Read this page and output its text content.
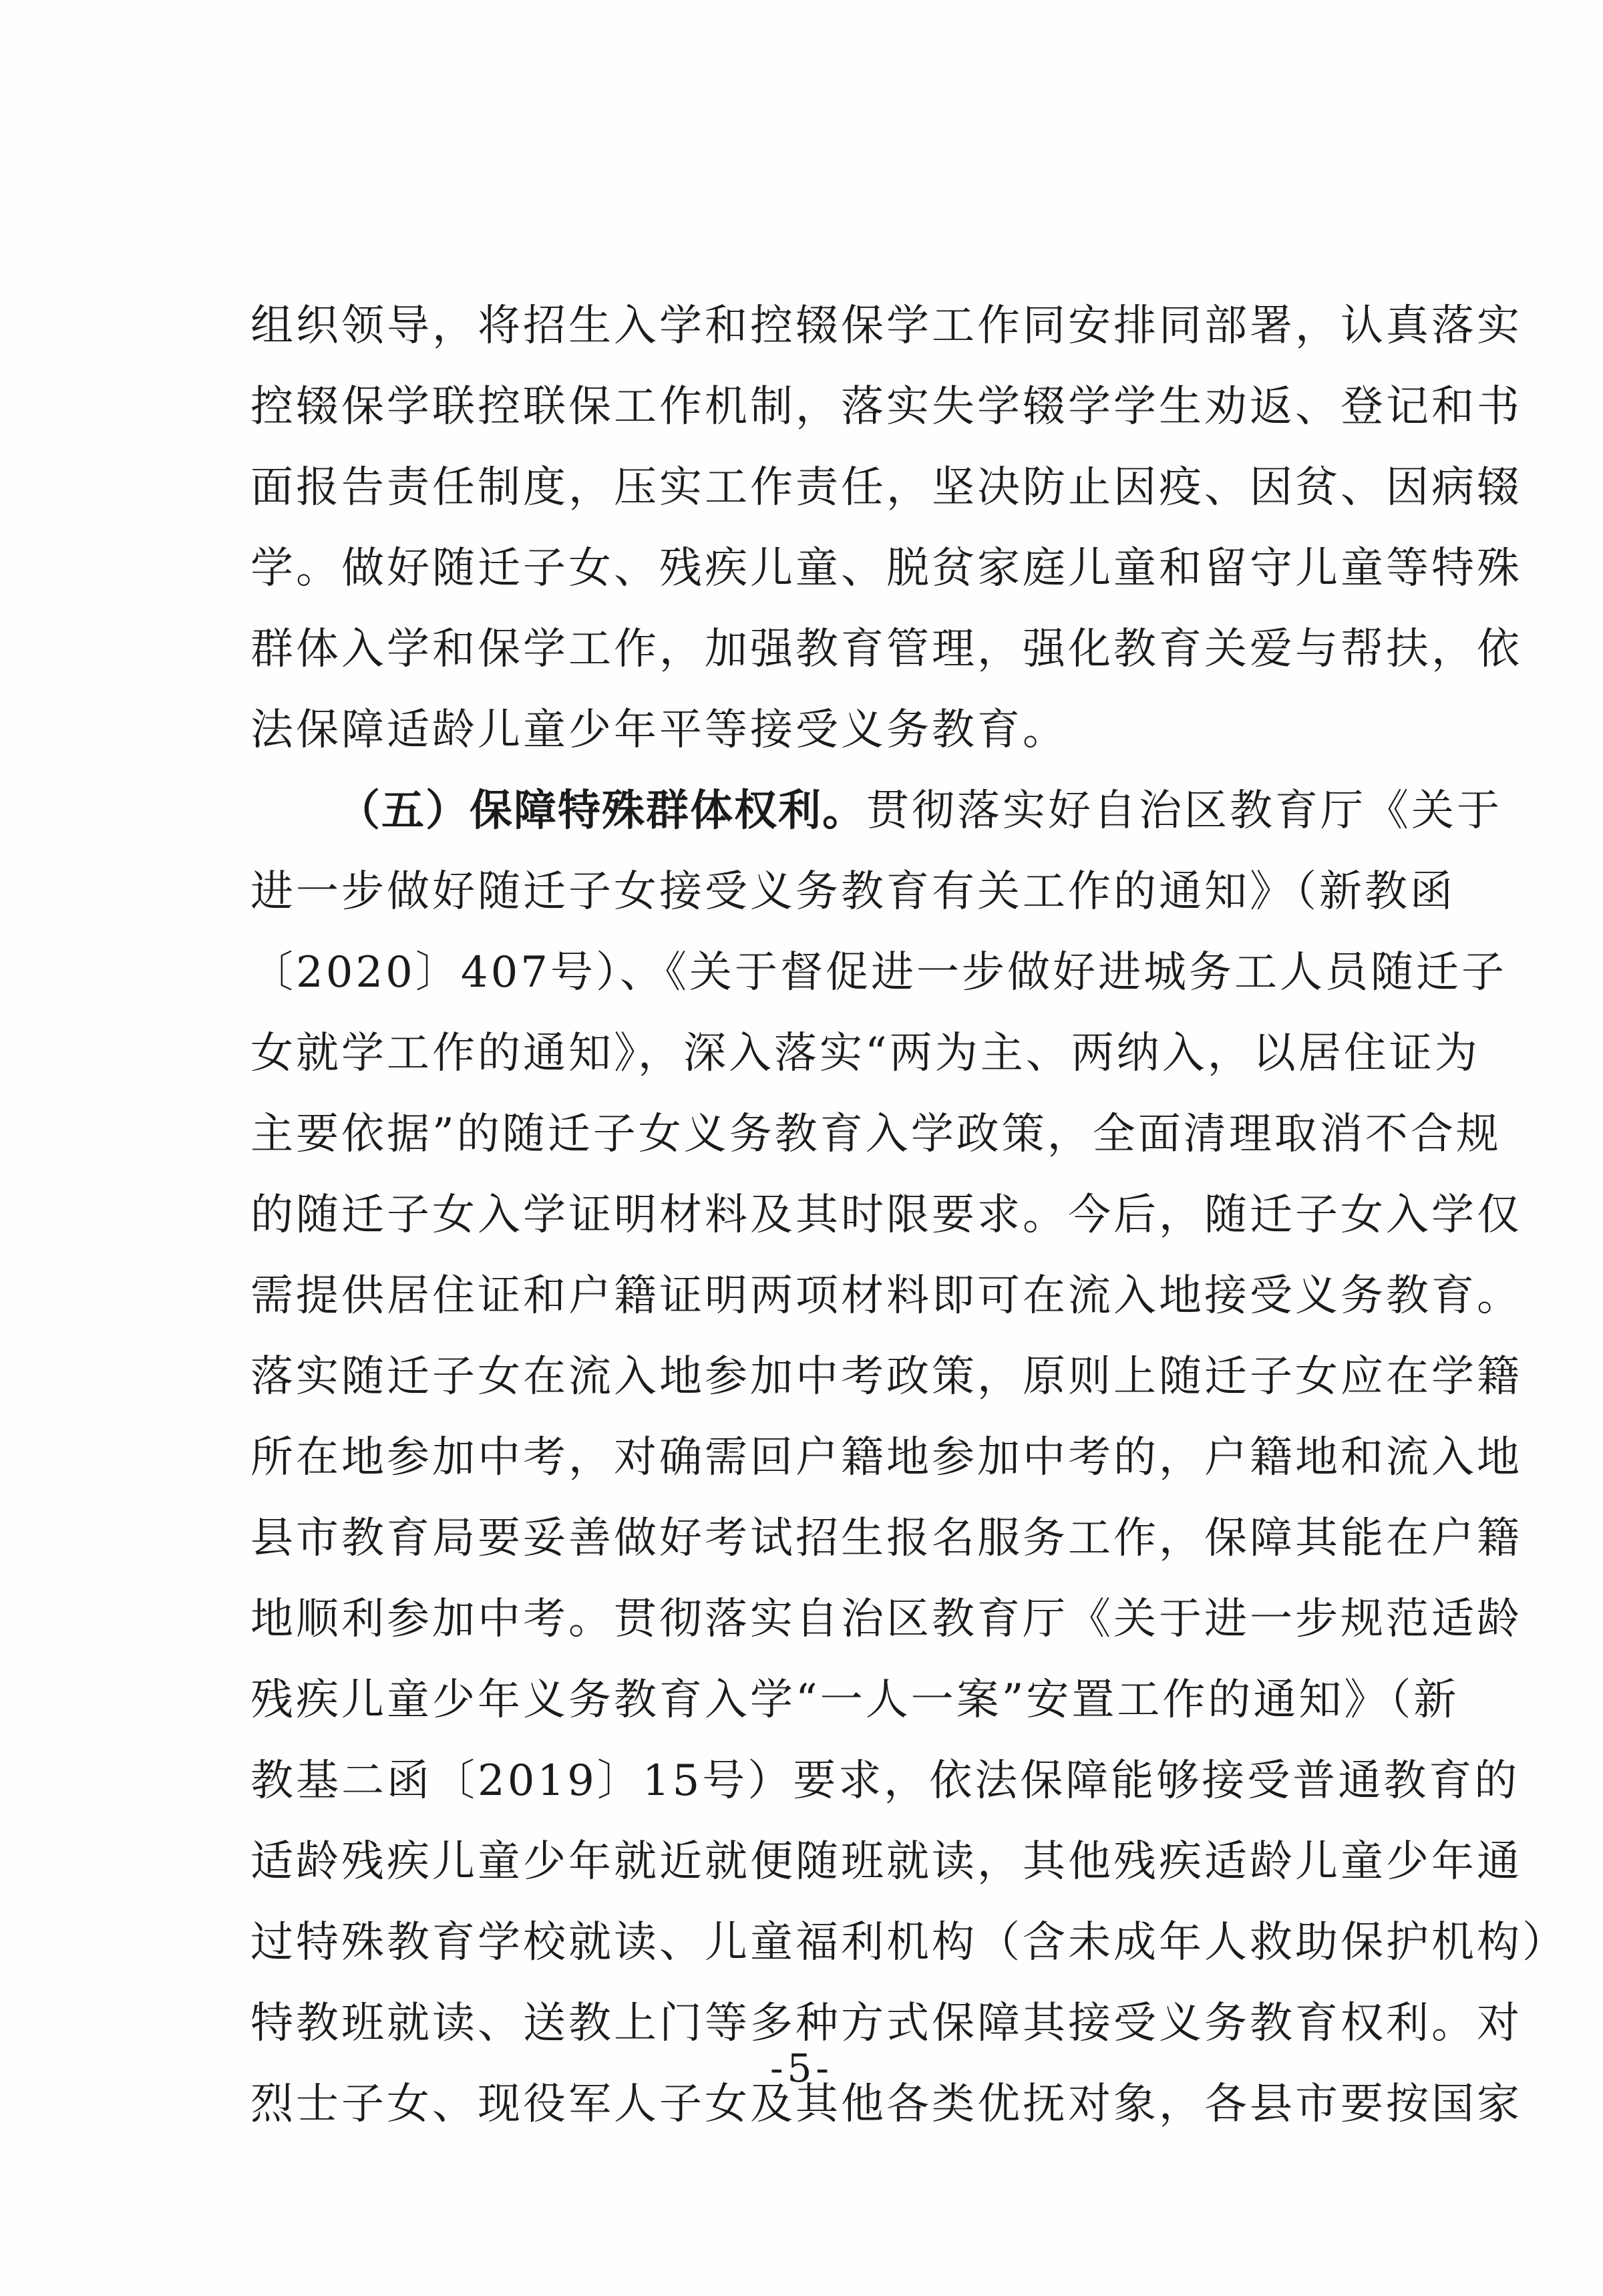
组织领导，将招生入学和控辍保学工作同安排同部署，认真落实
控辍保学联控联保工作机制，落实失学辍学学生劝返、登记和书
面报告责任制度，压实工作责任，坚决防止因疫、因贫、因病辍
学。做好随迁子女、残疾儿童、脱贫家庭儿童和留守儿童等特殊
群体入学和保学工作，加强教育管理，强化教育关爱与帮扶，依
法保障适龄儿童少年平等接受义务教育。
（五）保障特殊群体权利。贯彻落实好自治区教育厅《关于
进一步做好随迁子女接受义务教育有关工作的通知》（新教函
〔2020〕407号）、《关于督促进一步做好进城务工人员随迁子
女就学工作的通知》，深入落实“两为主、两纳入，以居住证为
主要依据”的随迁子女义务教育入学政策，全面清理取消不合规
的随迁子女入学证明材料及其时限要求。今后，随迁子女入学仅
需提供居住证和户籍证明两项材料即可在流入地接受义务教育。
落实随迁子女在流入地参加中考政策，原则上随迁子女应在学籍
所在地参加中考，对确需回户籍地参加中考的，户籍地和流入地
县市教育局要妥善做好考试招生报名服务工作，保障其能在户籍
地顺利参加中考。贯彻落实自治区教育厅《关于进一步规范适龄
残疾儿童少年义务教育入学“一人一案”安置工作的通知》（新
教基二函〔2019〕15号）要求，依法保障能够接受普通教育的
适龄残疾儿童少年就近就便随班就读，其他残疾适龄儿童少年通
过特殊教育学校就读、儿童福利机构（含未成年人救助保护机构）
特教班就读、送教上门等多种方式保障其接受义务教育权利。对
烈士子女、现役军人子女及其他各类优抚对象，各县市要按国家
-5-
